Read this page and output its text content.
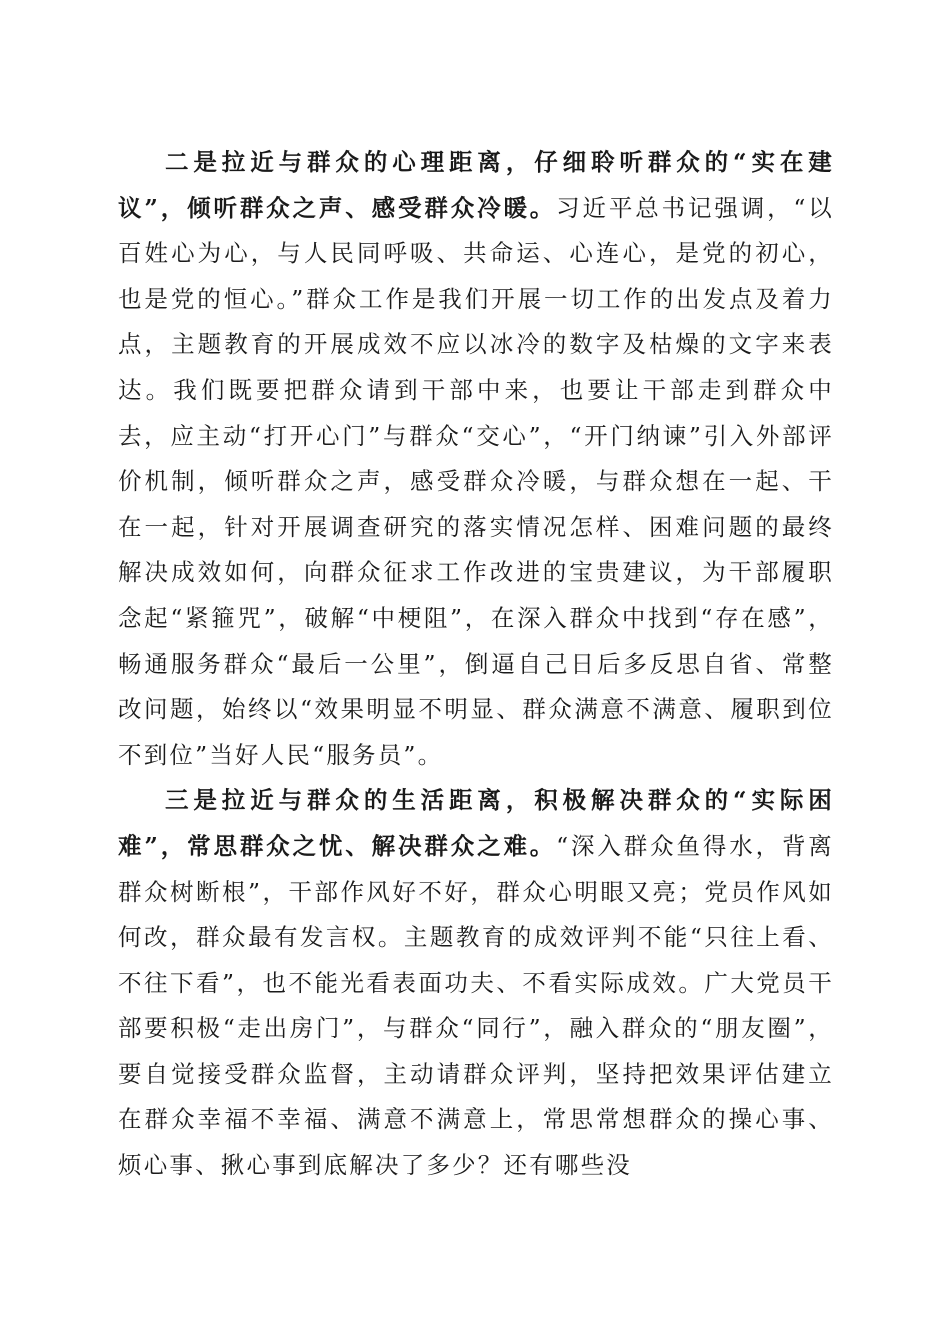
二是拉近与群众的心理距离，仔细聆听群众的“实在建议”，倾听群众之声、感受群众冷暖。习近平总书记强调，“以百姓心为心，与人民同呼吸、共命运、心连心，是党的初心，也是党的恒心。”群众工作是我们开展一切工作的出发点及着力点，主题教育的开展成效不应以冰冷的数字及枯燥的文字来表达。我们既要把群众请到干部中来，也要让干部走到群众中去，应主动“打开心门”与群众“交心”，“开门纳谏”引入外部评价机制，倾听群众之声，感受群众冷暖，与群众想在一起、干在一起，针对开展调查研究的落实情况怎样、困难问题的最终解决成效如何，向群众征求工作改进的宝贵建议，为干部履职念起“紧箍咒”，破解“中梗阻”，在深入群众中找到“存在感”，畅通服务群众“最后一公里”，倒逼自己日后多反思自省、常整改问题，始终以“效果明显不明显、群众满意不满意、履职到位不到位”当好人民“服务员”。

三是拉近与群众的生活距离，积极解决群众的“实际困难”，常思群众之忧、解决群众之难。“深入群众鱼得水，背离群众树断根”，干部作风好不好，群众心明眼又亮；党员作风如何改，群众最有发言权。主题教育的成效评判不能“只往上看、不往下看”，也不能光看表面功夫、不看实际成效。广大党员干部要积极“走出房门”，与群众“同行”，融入群众的“朋友圈”，要自觉接受群众监督，主动请群众评判，坚持把效果评估建立在群众幸福不幸福、满意不满意上，常思常想群众的操心事、烦心事、揪心事到底解决了多少？还有哪些没
